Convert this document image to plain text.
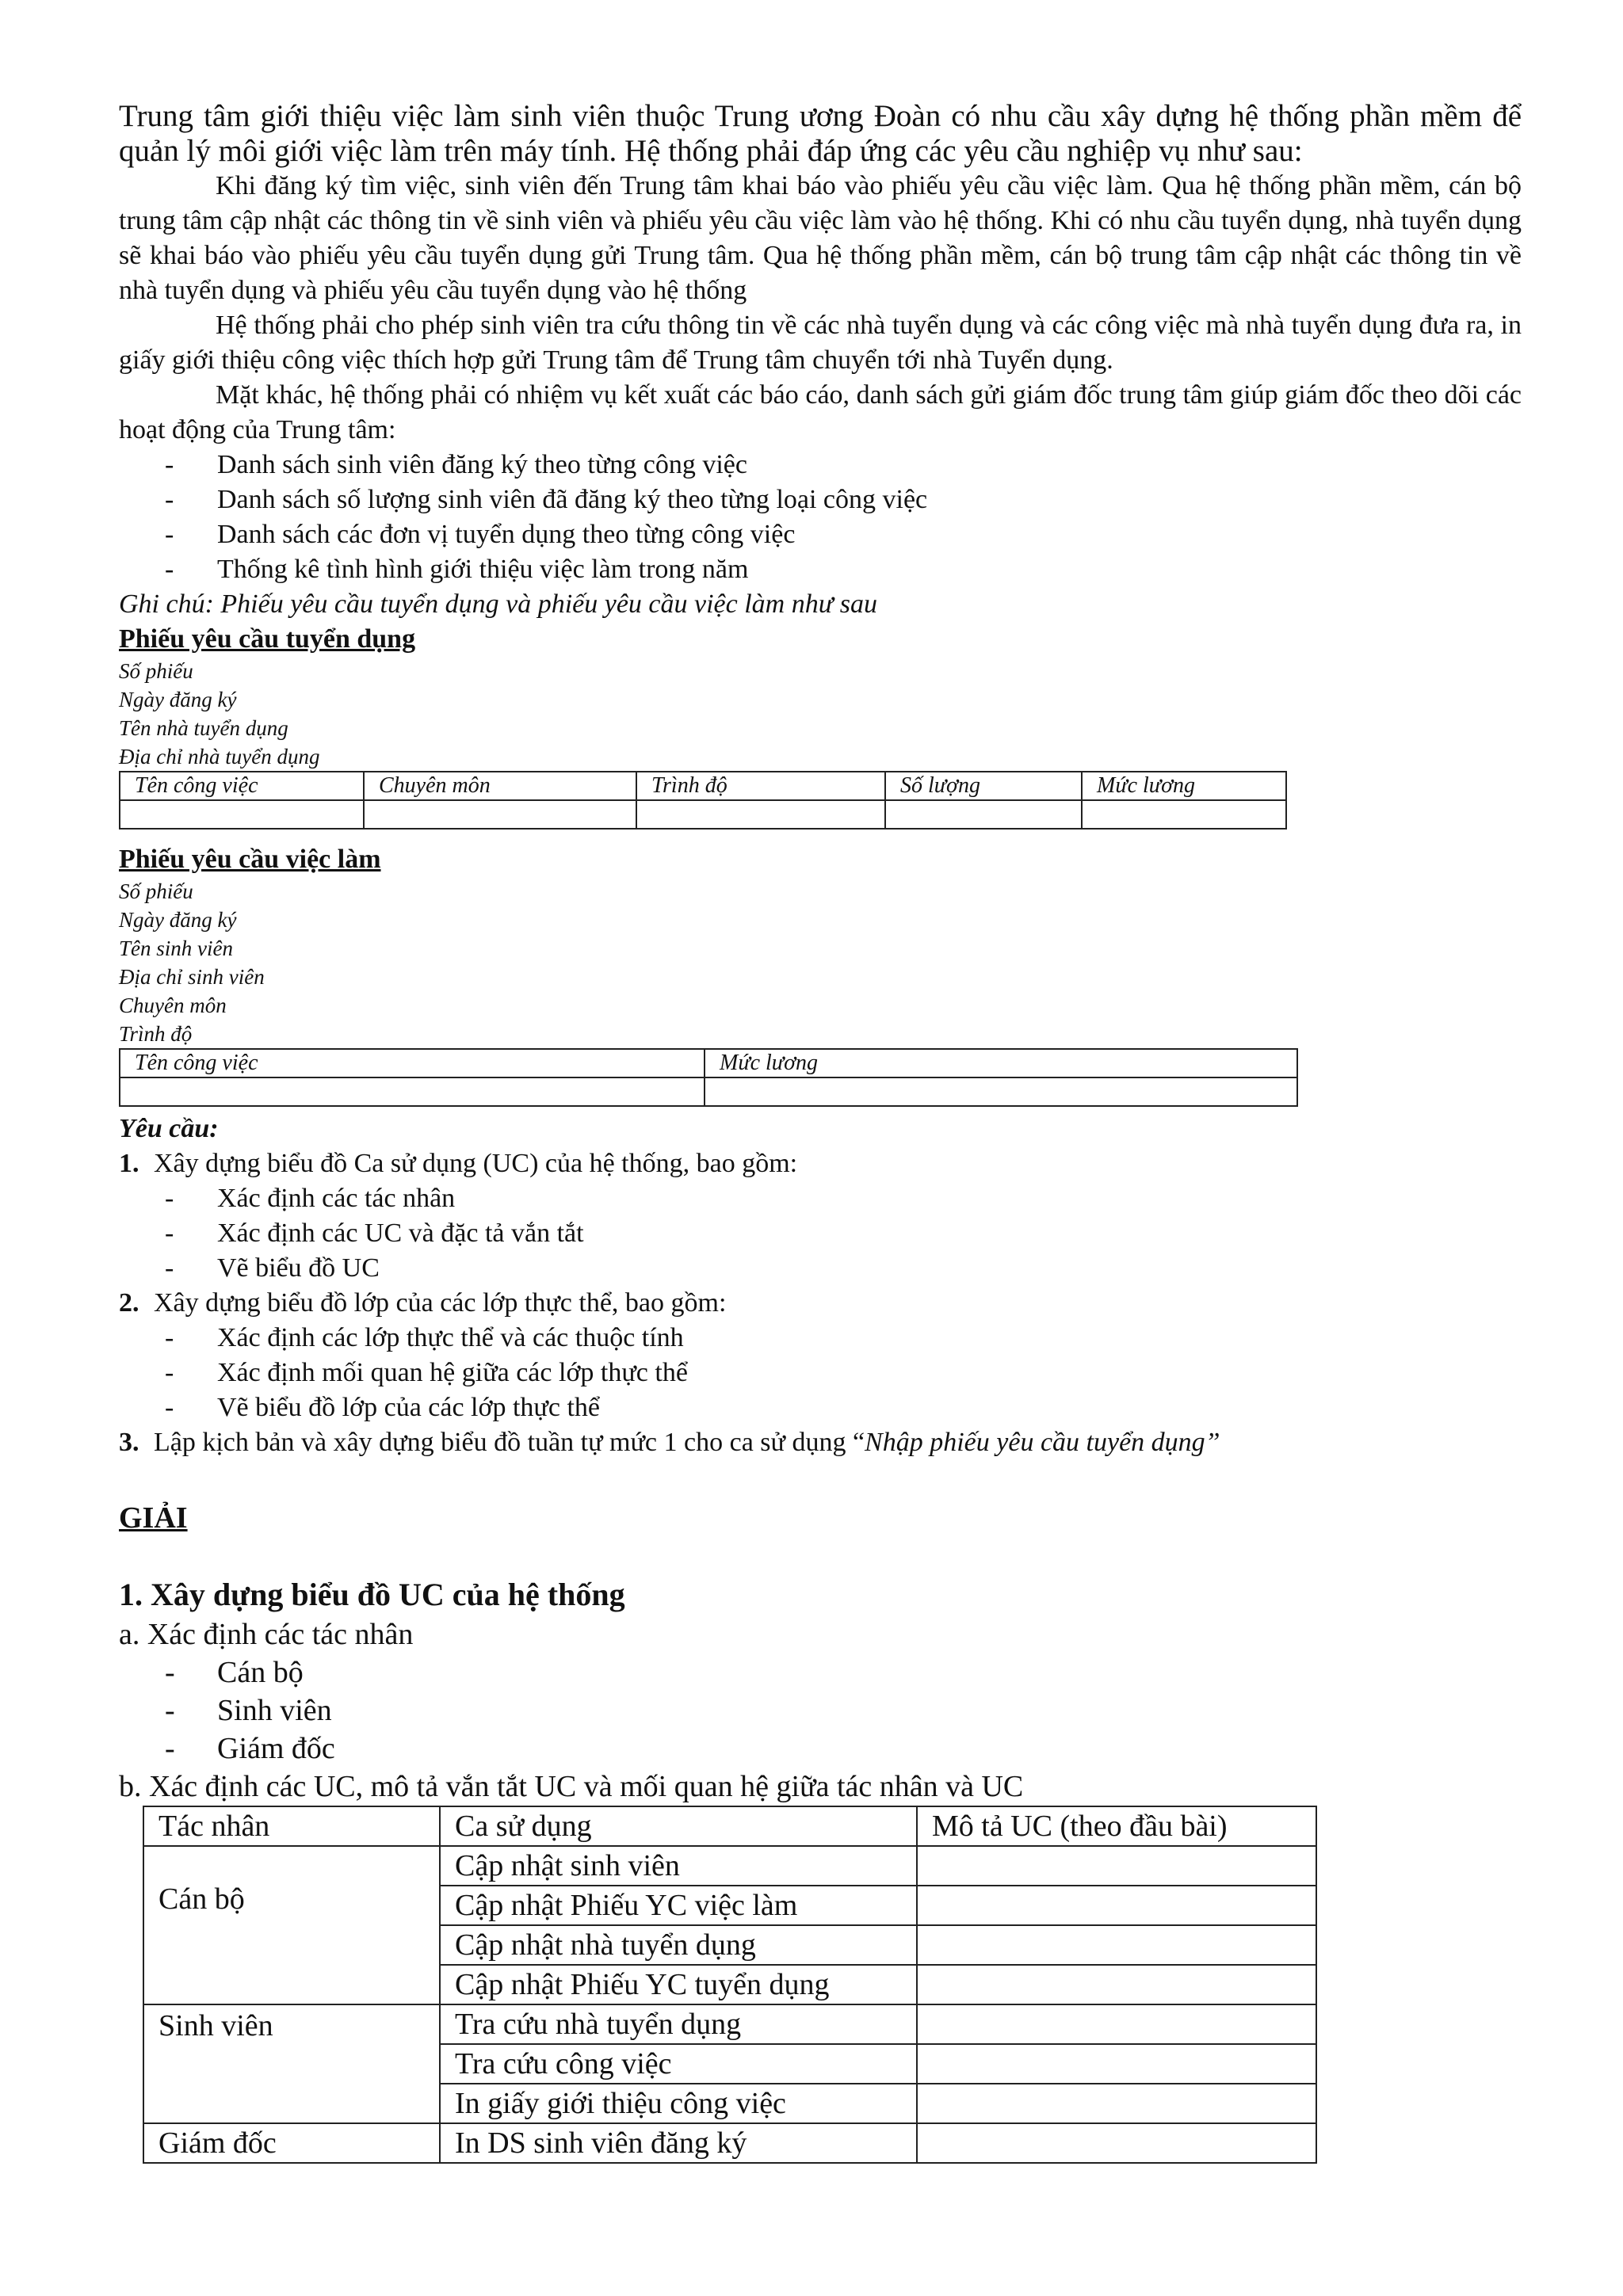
Trung tâm giới thiệu việc làm sinh viên thuộc Trung ương Đoàn có nhu cầu xây dựng hệ thống phần mềm để quản lý môi giới việc làm trên máy tính. Hệ thống phải đáp ứng các yêu cầu nghiệp vụ như sau:

Khi đăng ký tìm việc, sinh viên đến Trung tâm khai báo vào phiếu yêu cầu việc làm. Qua hệ thống phần mềm, cán bộ trung tâm cập nhật các thông tin về sinh viên và phiếu yêu cầu việc làm vào hệ thống. Khi có nhu cầu tuyển dụng, nhà tuyển dụng sẽ khai báo vào phiếu yêu cầu tuyển dụng gửi Trung tâm. Qua hệ thống phần mềm, cán bộ trung tâm cập nhật các thông tin về nhà tuyển dụng và phiếu yêu cầu tuyển dụng vào hệ thống

Hệ thống phải cho phép sinh viên tra cứu thông tin về các nhà tuyển dụng và các công việc mà nhà tuyển dụng đưa ra, in giấy giới thiệu công việc thích hợp gửi Trung tâm để Trung tâm chuyển tới nhà Tuyển dụng.

Mặt khác, hệ thống phải có nhiệm vụ kết xuất các báo cáo, danh sách gửi giám đốc trung tâm giúp giám đốc theo dõi các hoạt động của Trung tâm:

- Danh sách sinh viên đăng ký theo từng công việc
- Danh sách số lượng sinh viên đã đăng ký theo từng loại công việc
- Danh sách các đơn vị tuyển dụng theo từng công việc
- Thống kê tình hình giới thiệu việc làm trong năm

Ghi chú: Phiếu yêu cầu tuyển dụng và phiếu yêu cầu việc làm như sau

Phiếu yêu cầu tuyển dụng

Số phiếu

Ngày đăng ký

Tên nhà tuyển dụng

Địa chỉ nhà tuyển dụng

Tên công việc	Chuyên môn	Trình độ	Số lượng	Mức lương

Phiếu yêu cầu việc làm

Số phiếu

Ngày đăng ký

Tên sinh viên

Địa chỉ sinh viên

Chuyên môn

Trình độ

Tên công việc	Mức lương

Yêu cầu:

1. Xây dựng biểu đồ Ca sử dụng (UC) của hệ thống, bao gồm:
- Xác định các tác nhân
- Xác định các UC và đặc tả vắn tắt
- Vẽ biểu đồ UC
2. Xây dựng biểu đồ lớp của các lớp thực thể, bao gồm:
- Xác định các lớp thực thể và các thuộc tính
- Xác định mối quan hệ giữa các lớp thực thể
- Vẽ biểu đồ lớp của các lớp thực thể
3. Lập kịch bản và xây dựng biểu đồ tuần tự mức 1 cho ca sử dụng “Nhập phiếu yêu cầu tuyển dụng”

GIẢI

1. Xây dựng biểu đồ UC của hệ thống

a. Xác định các tác nhân

- Cán bộ
- Sinh viên
- Giám đốc

b. Xác định các UC, mô tả vắn tắt UC và mối quan hệ giữa tác nhân và UC

Tác nhân	Ca sử dụng	Mô tả UC (theo đầu bài)
Cán bộ	Cập nhật sinh viên	
	Cập nhật Phiếu YC việc làm	
	Cập nhật nhà tuyển dụng	
	Cập nhật Phiếu YC tuyển dụng	
Sinh viên	Tra cứu nhà tuyển dụng	
	Tra cứu công việc	
	In giấy giới thiệu công việc	
Giám đốc	In DS sinh viên đăng ký	
